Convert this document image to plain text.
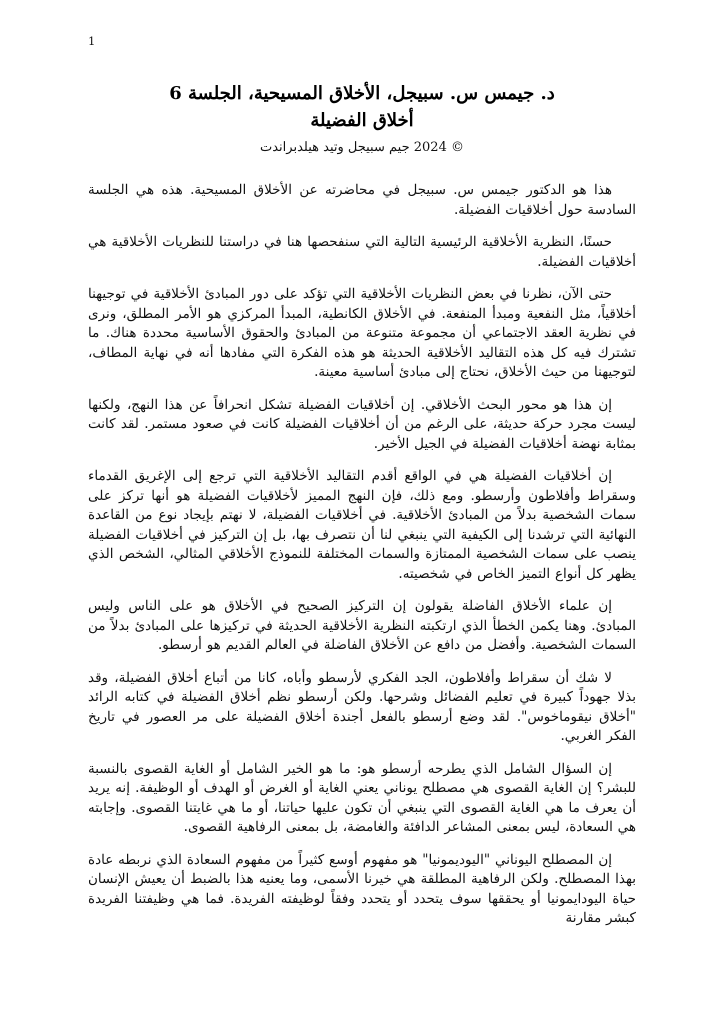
1
د. جيمس س. سبيجل، الأخلاق المسيحية، الجلسة 6
أخلاق الفضيلة
© 2024 جيم سبيجل وتيد هيلدبراندت

هذا هو الدكتور جيمس س. سبيجل في محاضرته عن الأخلاق المسيحية. هذه هي الجلسة السادسة حول أخلاقيات الفضيلة.

حسنًا، النظرية الأخلاقية الرئيسية التالية التي سنفحصها هنا في دراستنا للنظريات الأخلاقية هي أخلاقيات الفضيلة.

حتى الآن، نظرنا في بعض النظريات الأخلاقية التي تؤكد على دور المبادئ الأخلاقية في توجيهنا أخلاقياً، مثل النفعية ومبدأ المنفعة. في الأخلاق الكانطية، المبدأ المركزي هو الأمر المطلق، ونرى في نظرية العقد الاجتماعي أن مجموعة متنوعة من المبادئ والحقوق الأساسية محددة هناك. ما تشترك فيه كل هذه التقاليد الأخلاقية الحديثة هو هذه الفكرة التي مفادها أنه في نهاية المطاف، لتوجيهنا من حيث الأخلاق، نحتاج إلى مبادئ أساسية معينة.

إن هذا هو محور البحث الأخلاقي. إن أخلاقيات الفضيلة تشكل انحرافاً عن هذا النهج، ولكنها ليست مجرد حركة حديثة، على الرغم من أن أخلاقيات الفضيلة كانت في صعود مستمر. لقد كانت بمثابة نهضة أخلاقيات الفضيلة في الجيل الأخير.

إن أخلاقيات الفضيلة هي في الواقع أقدم التقاليد الأخلاقية التي ترجع إلى الإغريق القدماء وسقراط وأفلاطون وأرسطو. ومع ذلك، فإن النهج المميز لأخلاقيات الفضيلة هو أنها تركز على سمات الشخصية بدلاً من المبادئ الأخلاقية. في أخلاقيات الفضيلة، لا نهتم بإيجاد نوع من القاعدة النهائية التي ترشدنا إلى الكيفية التي ينبغي لنا أن نتصرف بها، بل إن التركيز في أخلاقيات الفضيلة ينصب على سمات الشخصية الممتازة والسمات المختلفة للنموذج الأخلاقي المثالي، الشخص الذي يظهر كل أنواع التميز الخاص في شخصيته.

إن علماء الأخلاق الفاضلة يقولون إن التركيز الصحيح في الأخلاق هو على الناس وليس المبادئ. وهنا يكمن الخطأ الذي ارتكبته النظرية الأخلاقية الحديثة في تركيزها على المبادئ بدلاً من السمات الشخصية. وأفضل من دافع عن الأخلاق الفاضلة في العالم القديم هو أرسطو.

لا شك أن سقراط وأفلاطون، الجد الفكري لأرسطو وأباه، كانا من أتباع أخلاق الفضيلة، وقد بذلا جهوداً كبيرة في تعليم الفضائل وشرحها. ولكن أرسطو نظم أخلاق الفضيلة في كتابه الرائد "أخلاق نيقوماخوس". لقد وضع أرسطو بالفعل أجندة أخلاق الفضيلة على مر العصور في تاريخ الفكر الغربي.

إن السؤال الشامل الذي يطرحه أرسطو هو: ما هو الخير الشامل أو الغاية القصوى بالنسبة للبشر؟ إن الغاية القصوى هي مصطلح يوناني يعني الغاية أو الغرض أو الهدف أو الوظيفة. إنه يريد أن يعرف ما هي الغاية القصوى التي ينبغي أن تكون عليها حياتنا، أو ما هي غايتنا القصوى. وإجابته هي السعادة، ليس بمعنى المشاعر الدافئة والغامضة، بل بمعنى الرفاهية القصوى.

إن المصطلح اليوناني "اليوديمونيا" هو مفهوم أوسع كثيراً من مفهوم السعادة الذي نربطه عادة بهذا المصطلح. ولكن الرفاهية المطلقة هي خيرنا الأسمى، وما يعنيه هذا بالضبط أن يعيش الإنسان حياة اليودايمونيا أو يحققها سوف يتحدد أو يتحدد وفقاً لوظيفته الفريدة. فما هي وظيفتنا الفريدة كبشر مقارنة
